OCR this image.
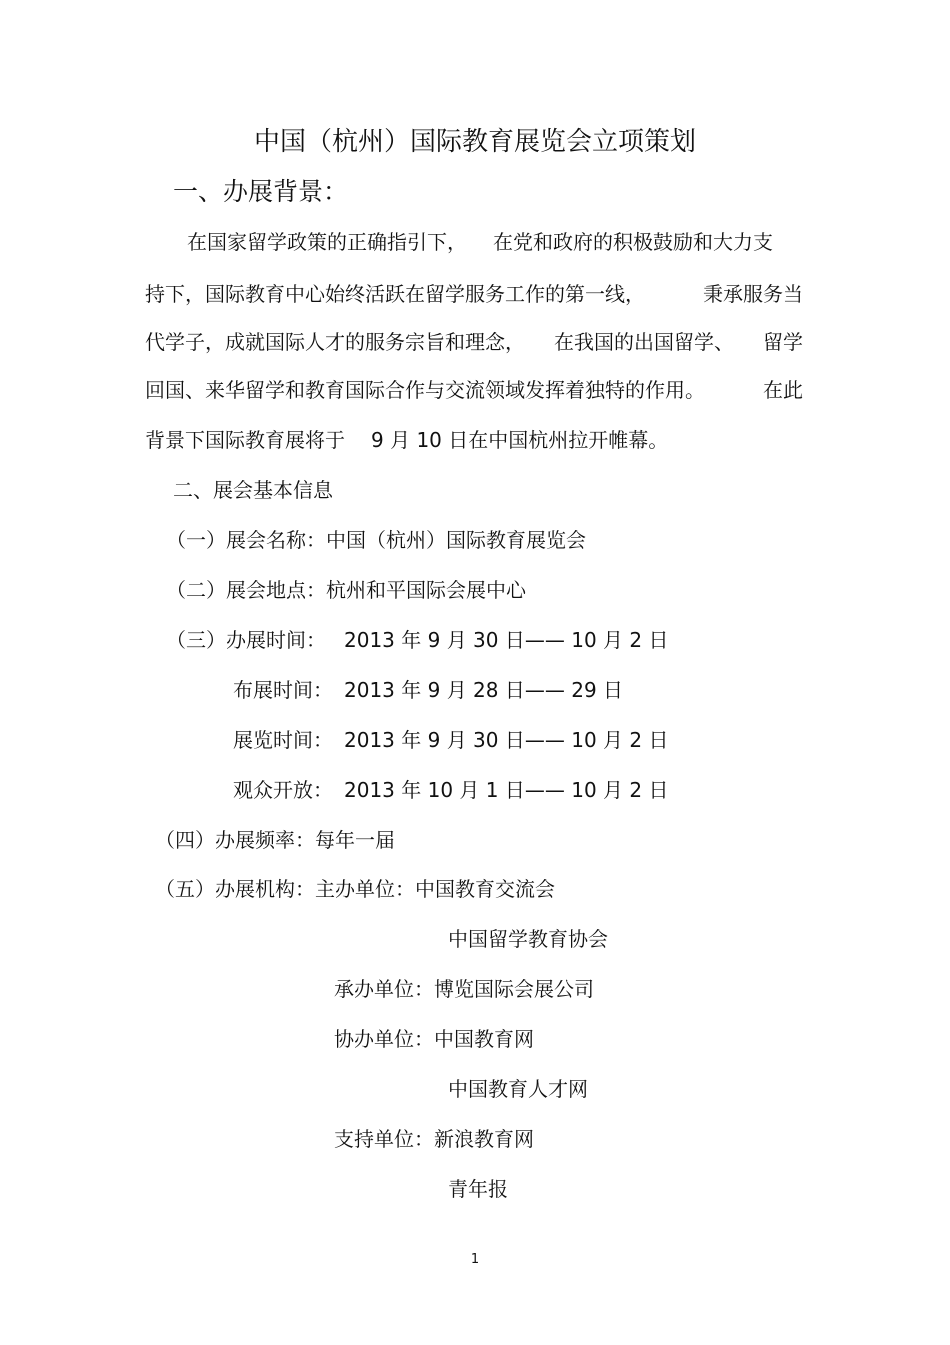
中国（杭州）国际教育展览会立项策划
一、办展背景：
在国家留学政策的正确指引下， 在党和政府的积极鼓励和大力支
持下，国际教育中心始终活跃在留学服务工作的第一线，	秉承服务当
代学子，成就国际人才的服务宗旨和理念， 在我国的出国留学、 留学
回国、来华留学和教育国际合作与交流领域发挥着独特的作用。	在此
背景下国际教育展将于 9 月 10 日在中国杭州拉开帷幕。
二、展会基本信息
（一）展会名称：中国（杭州）国际教育展览会
（二）展会地点：杭州和平国际会展中心
（三）办展时间： 2013 年 9 月 30 日—— 10 月 2 日
布展时间： 2013 年 9 月 28 日—— 29 日
展览时间： 2013 年 9 月 30 日—— 10 月 2 日
观众开放： 2013 年 10 月 1 日—— 10 月 2 日
（四）办展频率：每年一届
（五）办展机构：主办单位：中国教育交流会
中国留学教育协会
承办单位：博览国际会展公司
协办单位：中国教育网
中国教育人才网
支持单位：新浪教育网
青年报
1
